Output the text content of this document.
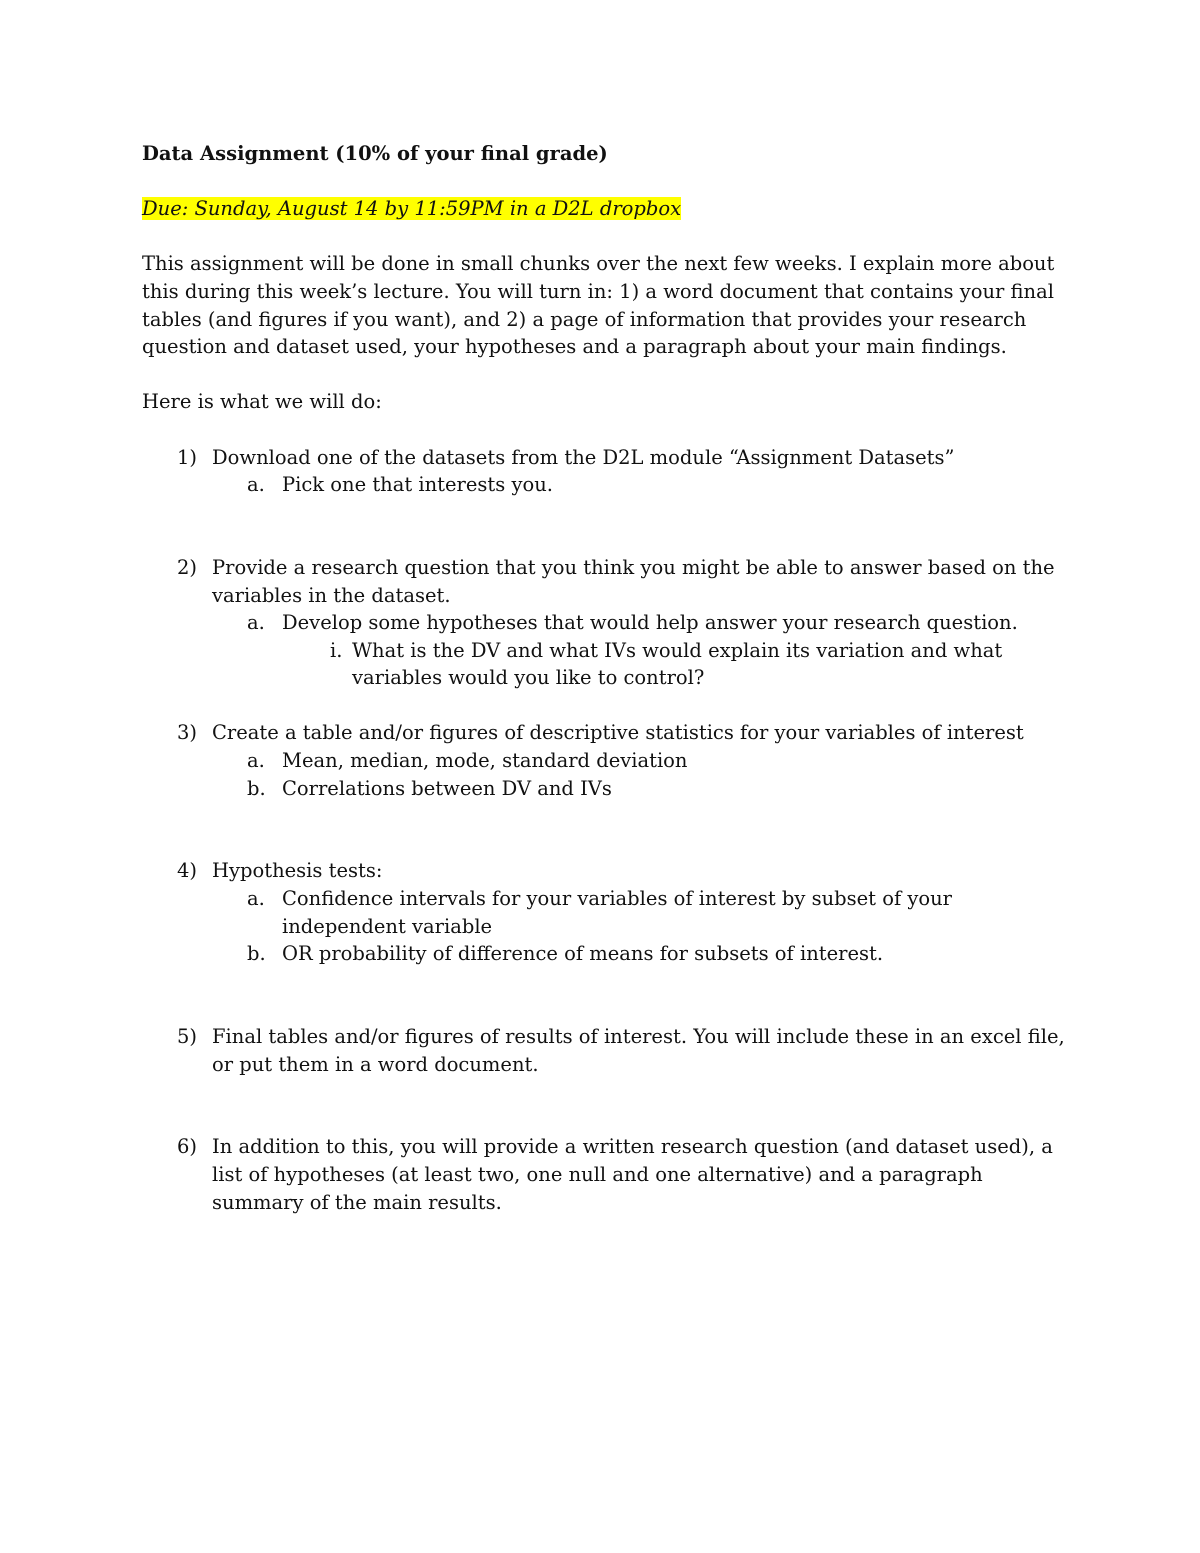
Data Assignment (10% of your final grade)

Due: Sunday, August 14 by 11:59PM in a D2L dropbox

This assignment will be done in small chunks over the next few weeks. I explain more about this during this week’s lecture. You will turn in: 1) a word document that contains your final tables (and figures if you want), and 2) a page of information that provides your research question and dataset used, your hypotheses and a paragraph about your main findings.

Here is what we will do:

1) Download one of the datasets from the D2L module “Assignment Datasets”
a. Pick one that interests you.
2) Provide a research question that you think you might be able to answer based on the variables in the dataset.
a. Develop some hypotheses that would help answer your research question.
i. What is the DV and what IVs would explain its variation and what variables would you like to control?
3) Create a table and/or figures of descriptive statistics for your variables of interest
a. Mean, median, mode, standard deviation
b. Correlations between DV and IVs
4) Hypothesis tests:
a. Confidence intervals for your variables of interest by subset of your independent variable
b. OR probability of difference of means for subsets of interest.
5) Final tables and/or figures of results of interest. You will include these in an excel file, or put them in a word document.
6) In addition to this, you will provide a written research question (and dataset used), a list of hypotheses (at least two, one null and one alternative) and a paragraph summary of the main results.
